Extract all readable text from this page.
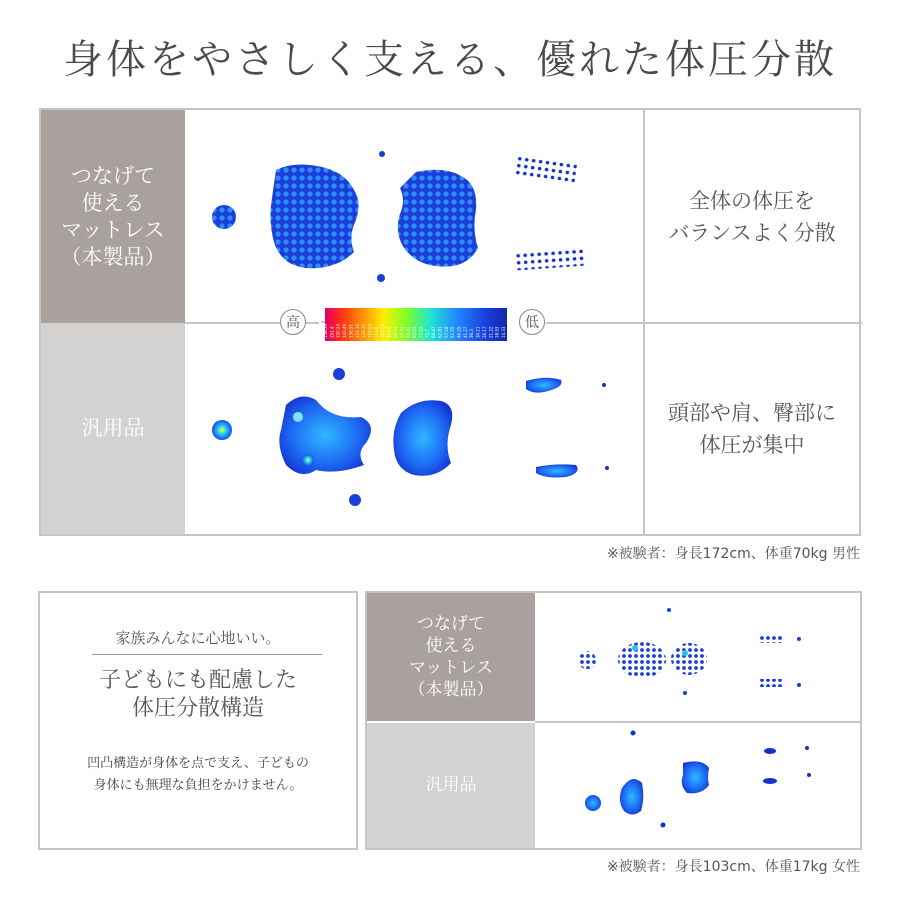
身体をやさしく支える、優れた体圧分散
つなげて
使える
マットレス
（本製品）
汎用品
全体の体圧を
バランスよく分散
頭部や肩、臀部に
体圧が集中
高	158.59 151.4 150.24 143.49 136.51 131.16 126.32 116.53 111.6 107.74 103.2 98.14 92.34 86.81 83.53 77.29 72.7 68.47 62.81 57.18 51.55 46.25 41.27 36.3 30.11 26.17 21.22 18.93 14.33
低
※被験者：身長172cm、体重70kg 男性
家族みんなに心地いい。
子どもにも配慮した
体圧分散構造
凹凸構造が身体を点で支え、子どもの
身体にも無理な負担をかけません。
つなげて
使える
マットレス
（本製品）
汎用品
※被験者：身長103cm、体重17kg 女性
